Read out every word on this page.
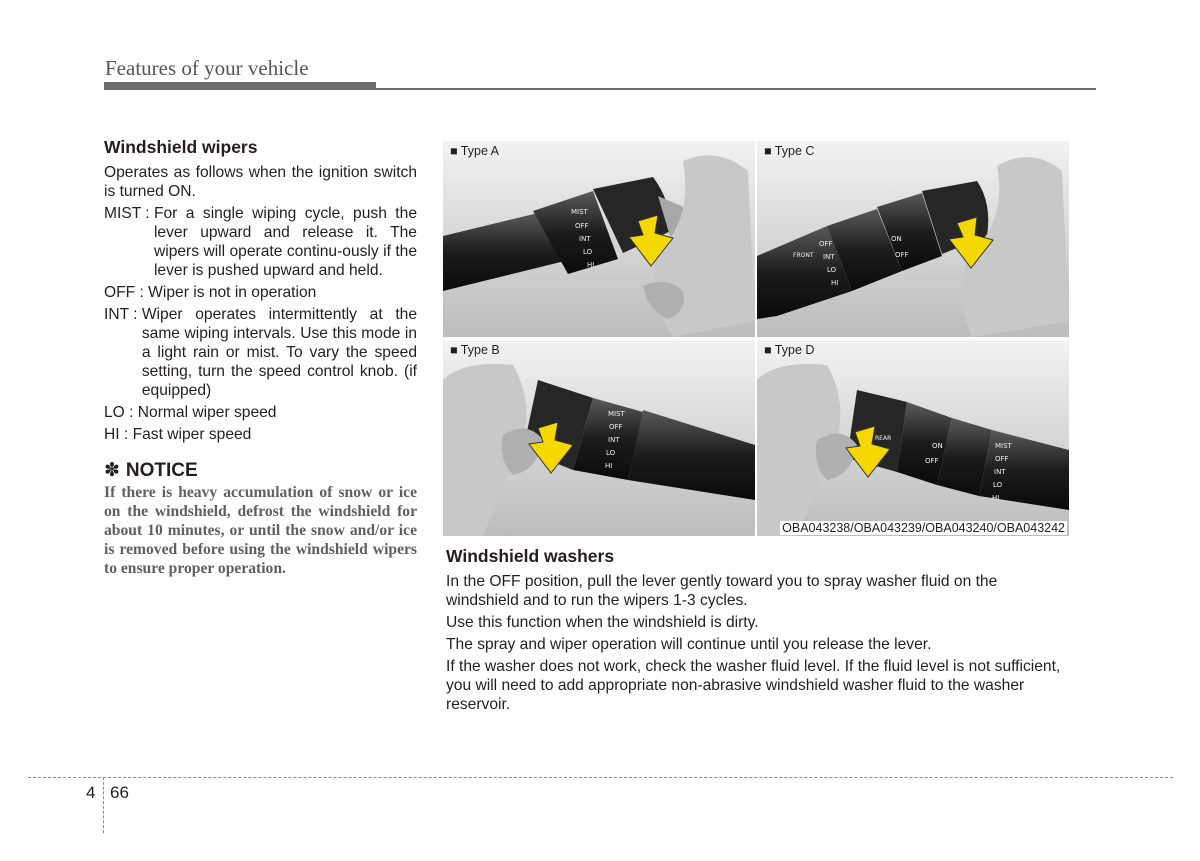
Features of your vehicle
Windshield wipers
Operates as follows when the ignition switch is turned ON.
MIST : For a single wiping cycle, push the lever upward and release it. The wipers will operate continu-ously if the lever is pushed upward and held.
OFF : Wiper is not in operation
INT : Wiper operates intermittently at the same wiping intervals. Use this mode in a light rain or mist. To vary the speed setting, turn the speed control knob. (if equipped)
LO : Normal wiper speed
HI : Fast wiper speed
✽ NOTICE
If there is heavy accumulation of snow or ice on the windshield, defrost the windshield for about 10 minutes, or until the snow and/or ice is removed before using the windshield wipers to ensure proper operation.
■ Type A
MIST
OFF
INT
LO
HI
■ Type C
FRONT
OFF
INT
LO
HI
ON
OFF
■ Type B
MIST
OFF
INT
LO
HI
■ Type D
REAR
ON
OFF
MIST
OFF
INT
LO
HI
OBA043238/OBA043239/OBA043240/OBA043242
Windshield washers
In the OFF position, pull the lever gently toward you to spray washer fluid on the windshield and to run the wipers 1-3 cycles.
Use this function when the windshield is dirty.
The spray and wiper operation will continue until you release the lever.
If the washer does not work, check the washer fluid level. If the fluid level is not sufficient, you will need to add appropriate non-abrasive windshield washer fluid to the washer reservoir.
4 66
